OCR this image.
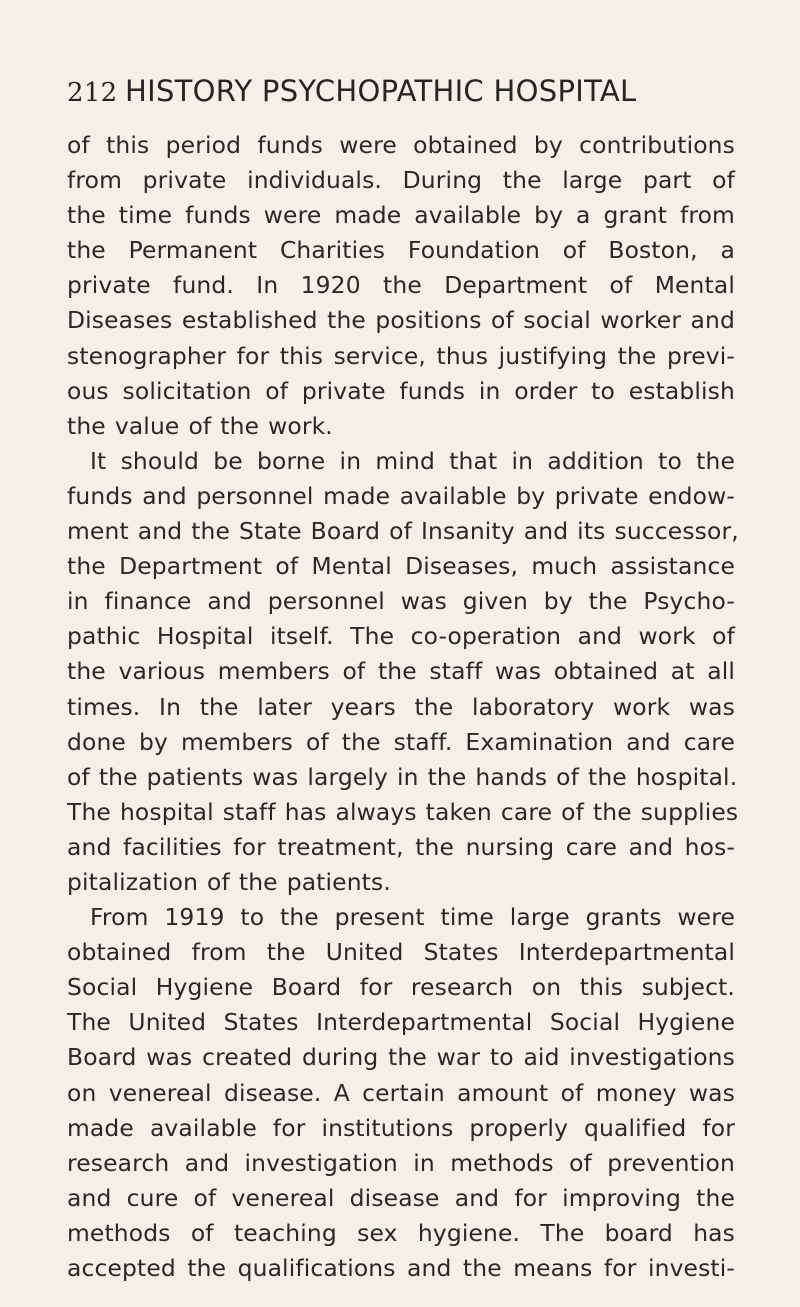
212 HISTORY PSYCHOPATHIC HOSPITAL
of this period funds were obtained by contributions
from private individuals. During the large part of
the time funds were made available by a grant from
the Permanent Charities Foundation of Boston, a
private fund. In 1920 the Department of Mental
Diseases established the positions of social worker and
stenographer for this service, thus justifying the previ-
ous solicitation of private funds in order to establish
the value of the work.
It should be borne in mind that in addition to the
funds and personnel made available by private endow-
ment and the State Board of Insanity and its successor,
the Department of Mental Diseases, much assistance
in finance and personnel was given by the Psycho-
pathic Hospital itself. The co-operation and work of
the various members of the staff was obtained at all
times. In the later years the laboratory work was
done by members of the staff. Examination and care
of the patients was largely in the hands of the hospital.
The hospital staff has always taken care of the supplies
and facilities for treatment, the nursing care and hos-
pitalization of the patients.
From 1919 to the present time large grants were
obtained from the United States Interdepartmental
Social Hygiene Board for research on this subject.
The United States Interdepartmental Social Hygiene
Board was created during the war to aid investigations
on venereal disease. A certain amount of money was
made available for institutions properly qualified for
research and investigation in methods of prevention
and cure of venereal disease and for improving the
methods of teaching sex hygiene. The board has
accepted the qualifications and the means for investi-
